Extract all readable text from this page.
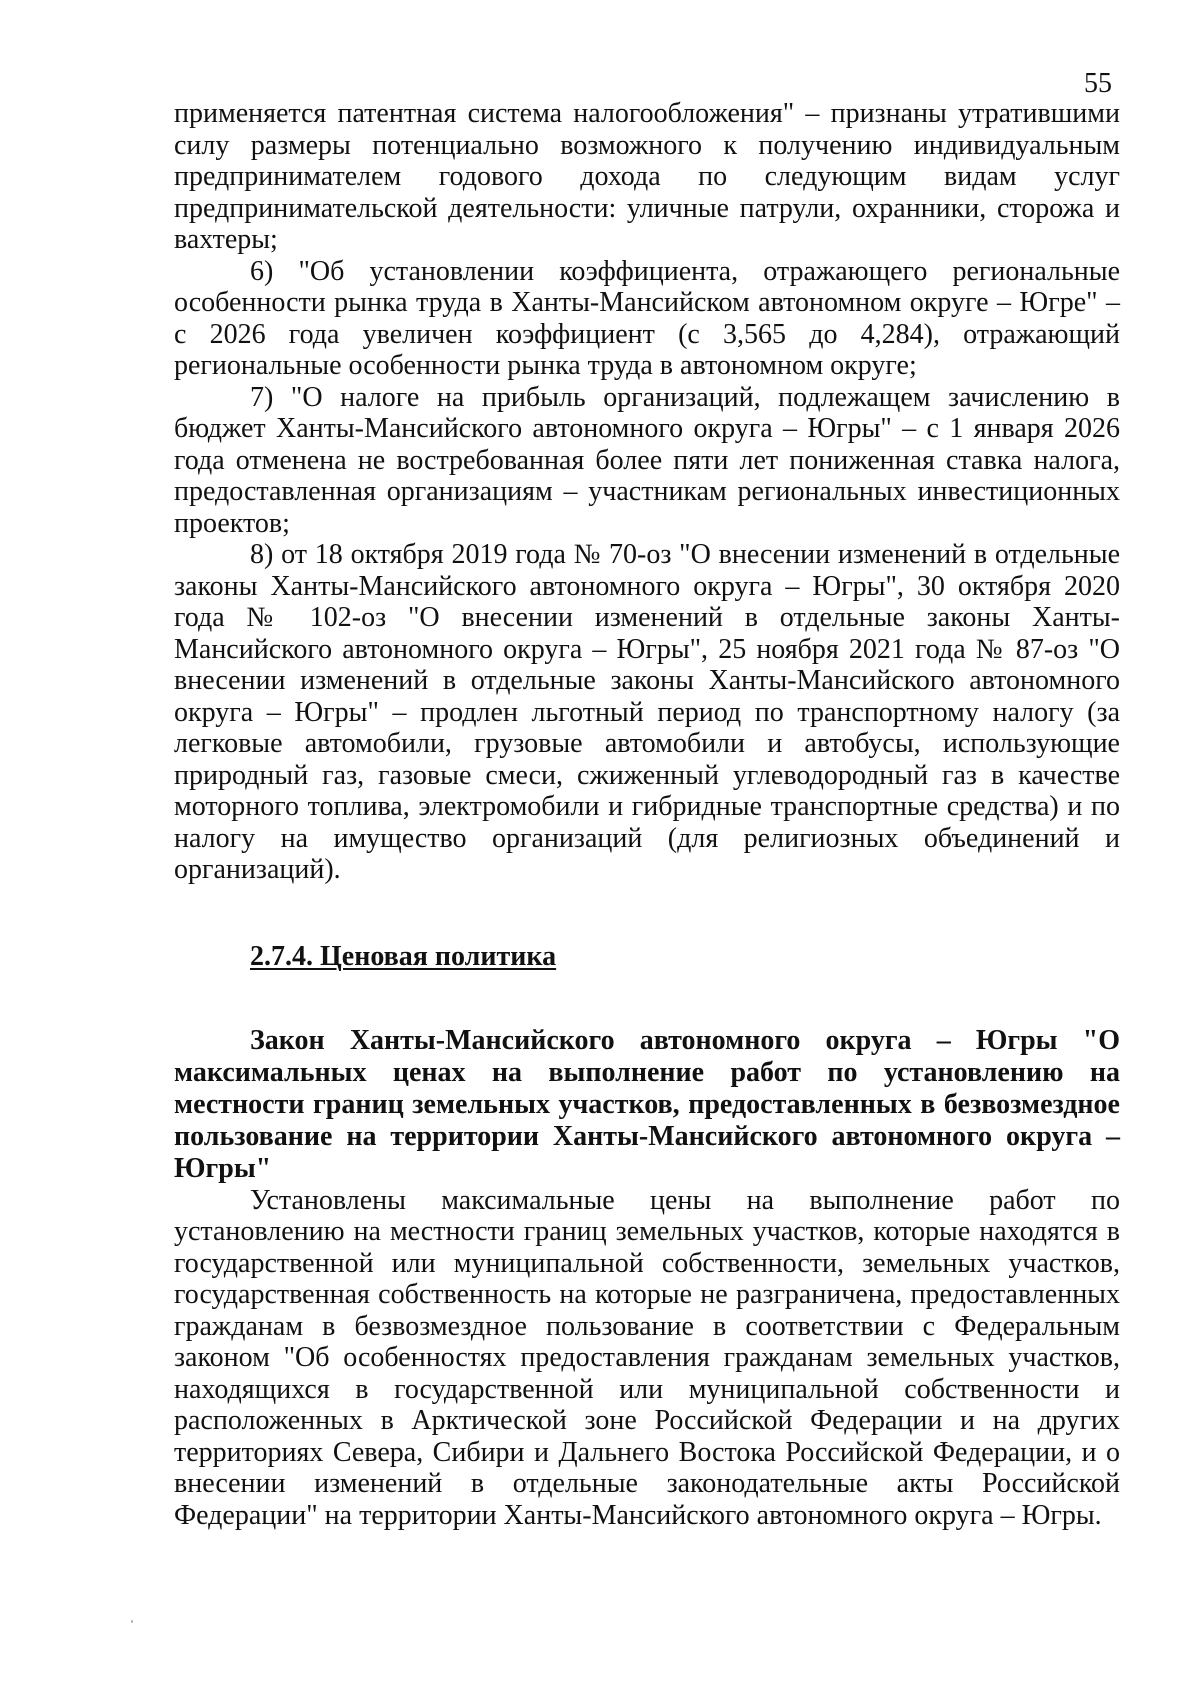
55

применяется патентная система налогообложения" – признаны утратившими силу размеры потенциально возможного к получению индивидуальным предпринимателем годового дохода по следующим видам услуг предпринимательской деятельности: уличные патрули, охранники, сторожа и вахтеры;

6) "Об установлении коэффициента, отражающего региональные особенности рынка труда в Ханты-Мансийском автономном округе – Югре" – с 2026 года увеличен коэффициент (с 3,565 до 4,284), отражающий региональные особенности рынка труда в автономном округе;

7) "О налоге на прибыль организаций, подлежащем зачислению в бюджет Ханты-Мансийского автономного округа – Югры" – с 1 января 2026 года отменена не востребованная более пяти лет пониженная ставка налога, предоставленная организациям – участникам региональных инвестиционных проектов;

8) от 18 октября 2019 года № 70-оз "О внесении изменений в отдельные законы Ханты-Мансийского автономного округа – Югры", 30 октября 2020 года № 102-оз "О внесении изменений в отдельные законы Ханты-Мансийского автономного округа – Югры", 25 ноября 2021 года № 87-оз "О внесении изменений в отдельные законы Ханты-Мансийского автономного округа – Югры" – продлен льготный период по транспортному налогу (за легковые автомобили, грузовые автомобили и автобусы, использующие природный газ, газовые смеси, сжиженный углеводородный газ в качестве моторного топлива, электромобили и гибридные транспортные средства) и по налогу на имущество организаций (для религиозных объединений и организаций).

2.7.4. Ценовая политика

Закон Ханты-Мансийского автономного округа – Югры "О максимальных ценах на выполнение работ по установлению на местности границ земельных участков, предоставленных в безвозмездное пользование на территории Ханты-Мансийского автономного округа – Югры"

Установлены максимальные цены на выполнение работ по установлению на местности границ земельных участков, которые находятся в государственной или муниципальной собственности, земельных участков, государственная собственность на которые не разграничена, предоставленных гражданам в безвозмездное пользование в соответствии с Федеральным законом "Об особенностях предоставления гражданам земельных участков, находящихся в государственной или муниципальной собственности и расположенных в Арктической зоне Российской Федерации и на других территориях Севера, Сибири и Дальнего Востока Российской Федерации, и о внесении изменений в отдельные законодательные акты Российской Федерации" на территории Ханты-Мансийского автономного округа – Югры.
